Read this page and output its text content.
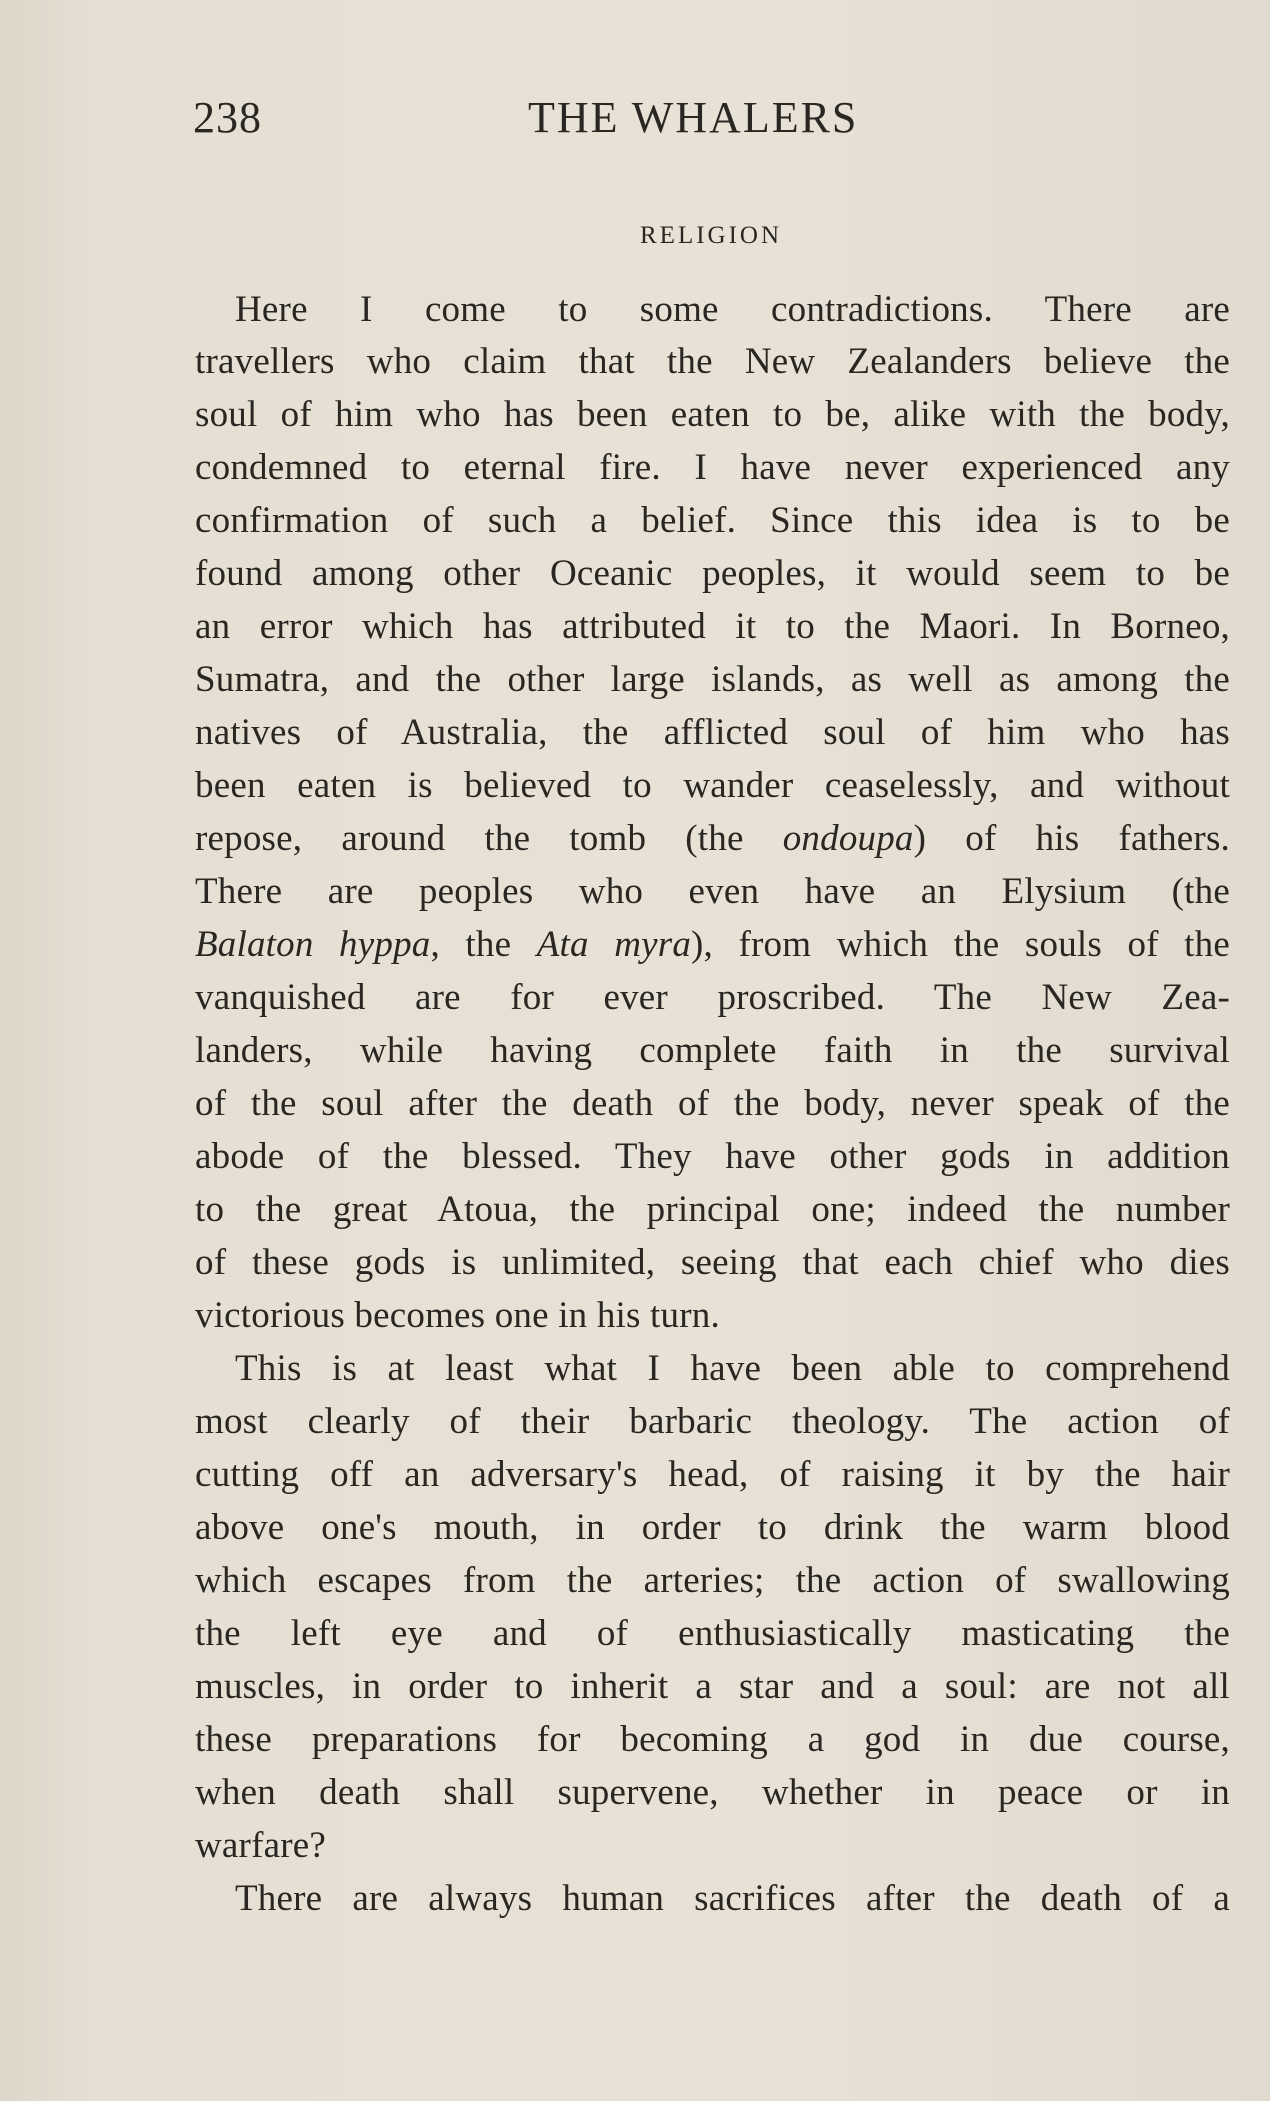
238	THE WHALERS
RELIGION
Here I come to some contradictions. There are
travellers who claim that the New Zealanders believe the
soul of him who has been eaten to be, alike with the body,
condemned to eternal fire. I have never experienced any
confirmation of such a belief. Since this idea is to be
found among other Oceanic peoples, it would seem to be
an error which has attributed it to the Maori. In Borneo,
Sumatra, and the other large islands, as well as among the
natives of Australia, the afflicted soul of him who has
been eaten is believed to wander ceaselessly, and without
repose, around the tomb (the ondoupa) of his fathers.
There are peoples who even have an Elysium (the
Balaton hyppa, the Ata myra), from which the souls of the
vanquished are for ever proscribed. The New Zea-
landers, while having complete faith in the survival
of the soul after the death of the body, never speak of the
abode of the blessed. They have other gods in addition
to the great Atoua, the principal one; indeed the number
of these gods is unlimited, seeing that each chief who dies
victorious becomes one in his turn.
This is at least what I have been able to comprehend
most clearly of their barbaric theology. The action of
cutting off an adversary's head, of raising it by the hair
above one's mouth, in order to drink the warm blood
which escapes from the arteries; the action of swallowing
the left eye and of enthusiastically masticating the
muscles, in order to inherit a star and a soul: are not all
these preparations for becoming a god in due course,
when death shall supervene, whether in peace or in
warfare?
There are always human sacrifices after the death of a
